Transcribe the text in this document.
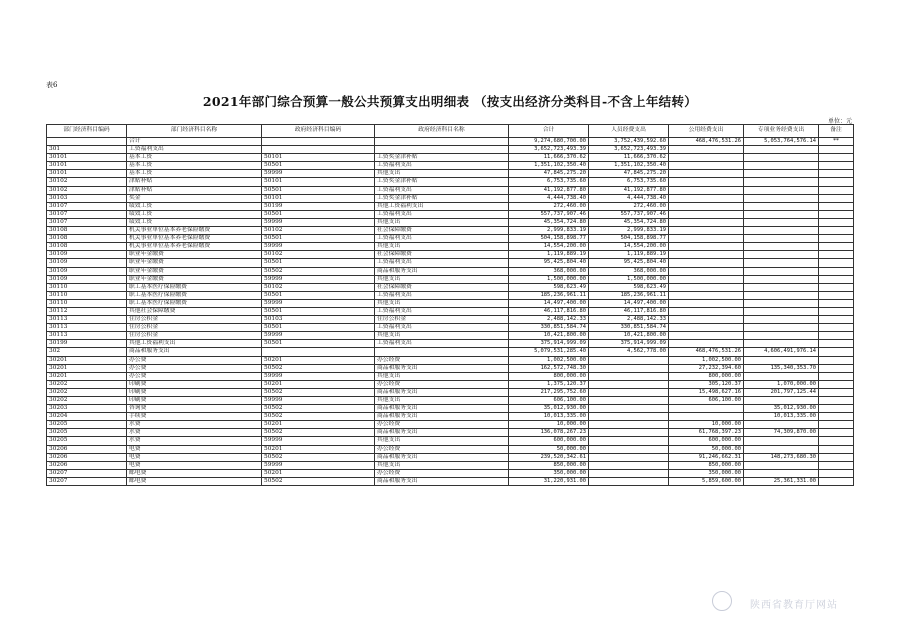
表6
2021年部门综合预算一般公共预算支出明细表 （按支出经济分类科目-不含上年结转）
单位：元
部门经济科目编码	部门经济科目名称	政府经济科目编码	政府经济科目名称	合计	人员经费支出	公用经费支出	专项业务经费支出	备注
	合计			9,274,680,700.00	3,752,439,592.60	468,476,531.26	5,053,764,576.14	**
301	工资福利支出			3,652,723,493.39	3,652,723,493.39			
30101	基本工资	50101	工资奖金津补贴	11,666,370.62	11,666,370.62			
30101	基本工资	50501	工资福利支出	1,351,102,350.40	1,351,102,350.40			
30101	基本工资	59999	其他支出	47,845,275.20	47,845,275.20			
30102	津贴补贴	50101	工资奖金津补贴	6,753,735.60	6,753,735.60			
30102	津贴补贴	50501	工资福利支出	41,192,877.80	41,192,877.80			
30103	奖金	50101	工资奖金津补贴	4,444,738.40	4,444,738.40			
30107	绩效工资	50199	其他工资福利支出	272,460.00	272,460.00			
30107	绩效工资	50501	工资福利支出	557,737,907.46	557,737,907.46			
30107	绩效工资	59999	其他支出	45,354,724.80	45,354,724.80			
30108	机关事业单位基本养老保险缴费	50102	社会保障缴费	2,999,833.19	2,999,833.19			
30108	机关事业单位基本养老保险缴费	50501	工资福利支出	504,158,898.77	504,158,898.77			
30108	机关事业单位基本养老保险缴费	59999	其他支出	14,554,200.00	14,554,200.00			
30109	职业年金缴费	50102	社会保障缴费	1,119,889.19	1,119,889.19			
30109	职业年金缴费	50501	工资福利支出	95,425,804.40	95,425,804.40			
30109	职业年金缴费	50502	商品和服务支出	368,000.00	368,000.00			
30109	职业年金缴费	59999	其他支出	1,500,000.00	1,500,000.00			
30110	职工基本医疗保险缴费	50102	社会保障缴费	598,623.49	598,623.49			
30110	职工基本医疗保险缴费	50501	工资福利支出	185,236,961.11	185,236,961.11			
30110	职工基本医疗保险缴费	59999	其他支出	14,497,400.00	14,497,400.00			
30112	其他社会保障缴费	50501	工资福利支出	46,117,816.80	46,117,816.80			
30113	住房公积金	50103	住房公积金	2,488,142.33	2,488,142.33			
30113	住房公积金	50501	工资福利支出	330,851,584.74	330,851,584.74			
30113	住房公积金	59999	其他支出	10,421,800.00	10,421,800.00			
30199	其他工资福利支出	50501	工资福利支出	375,914,999.09	375,914,999.09			
302	商品和服务支出			5,079,531,285.40	4,562,778.00	468,476,531.26	4,606,491,976.14	
30201	办公费	50201	办公经费	1,002,500.00		1,002,500.00		
30201	办公费	50502	商品和服务支出	162,572,748.30		27,232,394.60	135,340,353.70	
30201	办公费	59999	其他支出	800,000.00		800,000.00		
30202	印刷费	50201	办公经费	1,375,120.37		305,120.37	1,070,000.00	
30202	印刷费	50502	商品和服务支出	217,295,752.60		15,498,627.16	201,797,125.44	
30202	印刷费	59999	其他支出	606,100.00		606,100.00		
30203	咨询费	50502	商品和服务支出	35,012,930.00			35,012,930.00	
30204	手续费	50502	商品和服务支出	10,013,335.00			10,013,335.00	
30205	水费	50201	办公经费	10,000.00		10,000.00		
30205	水费	50502	商品和服务支出	136,078,267.23		61,768,397.23	74,309,870.00	
30205	水费	59999	其他支出	600,000.00		600,000.00		
30206	电费	50201	办公经费	50,000.00		50,000.00		
30206	电费	50502	商品和服务支出	239,520,342.61		91,246,662.31	148,273,680.30	
30206	电费	59999	其他支出	850,000.00		850,000.00		
30207	邮电费	50201	办公经费	350,000.00		350,000.00		
30207	邮电费	50502	商品和服务支出	31,220,931.00		5,859,600.00	25,361,331.00	
陕西省教育厅网站
